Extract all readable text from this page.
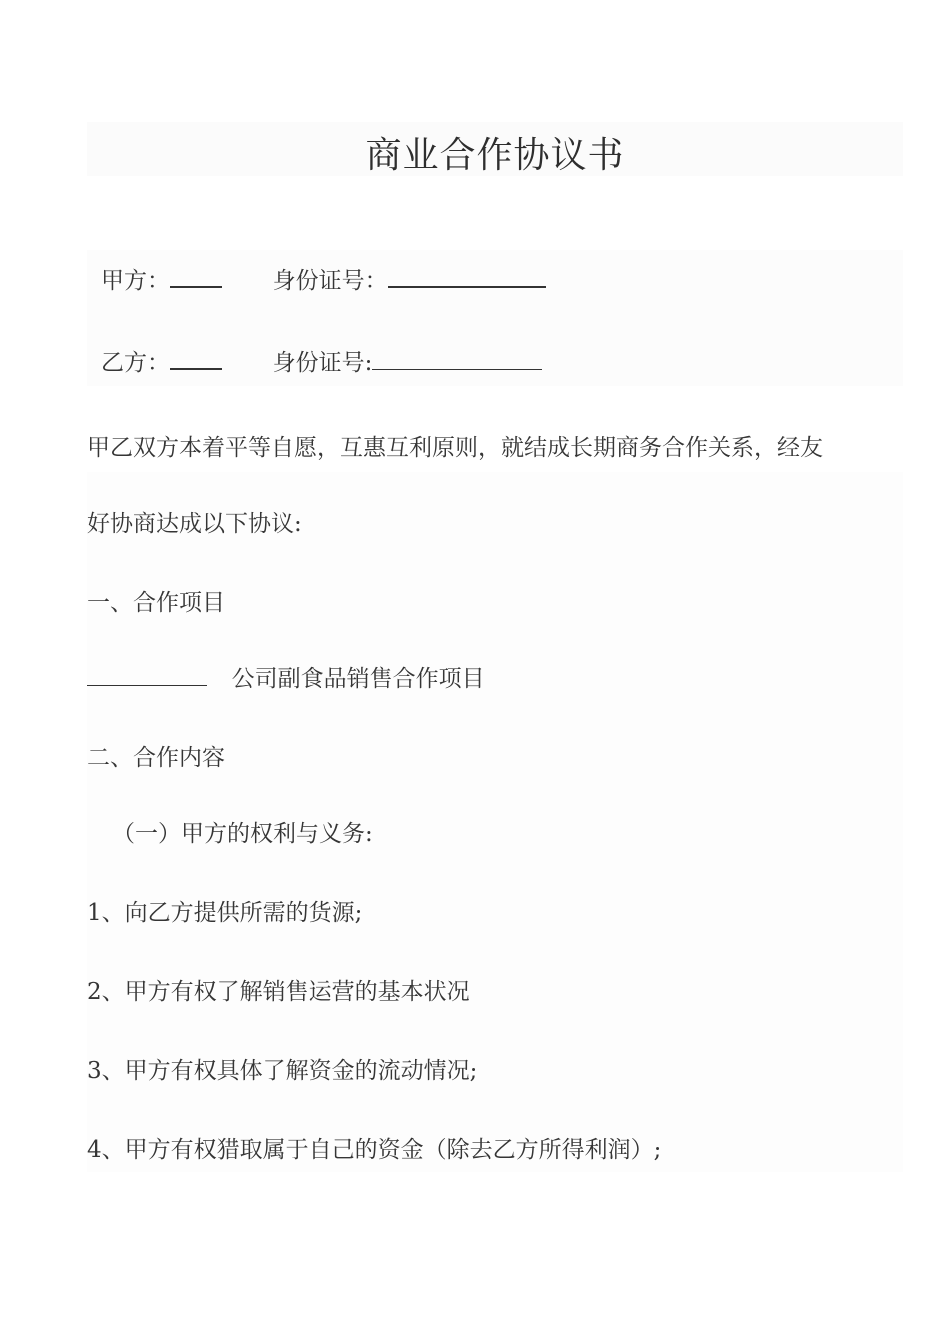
商业合作协议书
甲方：	身份证号：
乙方：	身份证号:
甲乙双方本着平等自愿，互惠互利原则，就结成长期商务合作关系，经友
好协商达成以下协议:
一、合作项目
公司副食品销售合作项目
二、合作内容
（一）甲方的权利与义务:
1、向乙方提供所需的货源;
2、甲方有权了解销售运营的基本状况
3、甲方有权具体了解资金的流动情况;
4、甲方有权猎取属于自己的资金（除去乙方所得利润）;
